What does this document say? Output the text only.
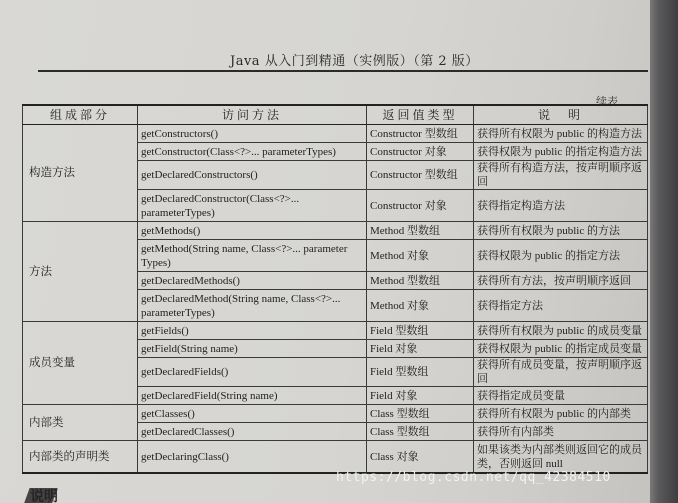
Java 从入门到精通（实例版）（第 2 版）
续表
组成部分	访问方法	返回值类型	说　明
构造方法	getConstructors()	Constructor 型数组	获得所有权限为 public 的构造方法
	getConstructor(Class<?>... parameterTypes)	Constructor 对象	获得权限为 public 的指定构造方法
	getDeclaredConstructors()	Constructor 型数组	获得所有构造方法，按声明顺序返回
	getDeclaredConstructor(Class<?>... parameterTypes)	Constructor 对象	获得指定构造方法
方法	getMethods()	Method 型数组	获得所有权限为 public 的方法
	getMethod(String name, Class<?>... parameter Types)	Method 对象	获得权限为 public 的指定方法
	getDeclaredMethods()	Method 型数组	获得所有方法，按声明顺序返回
	getDeclaredMethod(String name, Class<?>... parameterTypes)	Method 对象	获得指定方法
成员变量	getFields()	Field 型数组	获得所有权限为 public 的成员变量
	getField(String name)	Field 对象	获得权限为 public 的指定成员变量
	getDeclaredFields()	Field 型数组	获得所有成员变量，按声明顺序返回
	getDeclaredField(String name)	Field 对象	获得指定成员变量
内部类	getClasses()	Class 型数组	获得所有权限为 public 的内部类
	getDeclaredClasses()	Class 型数组	获得所有内部类
内部类的声明类	getDeclaringClass()	Class 对象	如果该类为内部类则返回它的成员类，否则返回 null
说明
https://blog.csdn.net/qq_42384510
